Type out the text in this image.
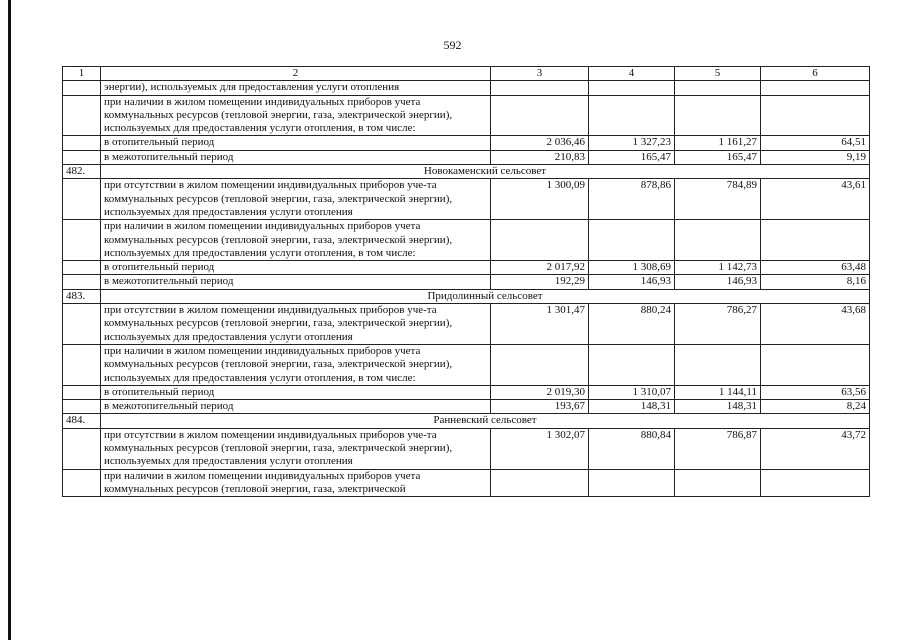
592
1	2	3	4	5	6
	энергии), используемых для предоставления услуги отопления				
	при наличии в жилом помещении индивидуальных приборов учета коммунальных ресурсов (тепловой энергии, газа, электрической энергии), используемых для предоставления услуги отопления, в том числе:				
	в отопительный период	2 036,46	1 327,23	1 161,27	64,51
	в межотопительный период	210,83	165,47	165,47	9,19
482.	Новокаменский сельсовет				
	при отсутствии в жилом помещении индивидуальных приборов уче-та коммунальных ресурсов (тепловой энергии, газа, электрической энергии), используемых для предоставления услуги отопления	1 300,09	878,86	784,89	43,61
	при наличии в жилом помещении индивидуальных приборов учета коммунальных ресурсов (тепловой энергии, газа, электрической энергии), используемых для предоставления услуги отопления, в том числе:				
	в отопительный период	2 017,92	1 308,69	1 142,73	63,48
	в межотопительный период	192,29	146,93	146,93	8,16
483.	Придолинный сельсовет				
	при отсутствии в жилом помещении индивидуальных приборов уче-та коммунальных ресурсов (тепловой энергии, газа, электрической энергии), используемых для предоставления услуги отопления	1 301,47	880,24	786,27	43,68
	при наличии в жилом помещении индивидуальных приборов учета коммунальных ресурсов (тепловой энергии, газа, электрической энергии), используемых для предоставления услуги отопления, в том числе:				
	в отопительный период	2 019,30	1 310,07	1 144,11	63,56
	в межотопительный период	193,67	148,31	148,31	8,24
484.	Ранневский сельсовет				
	при отсутствии в жилом помещении индивидуальных приборов уче-та коммунальных ресурсов (тепловой энергии, газа, электрической энергии), используемых для предоставления услуги отопления	1 302,07	880,84	786,87	43,72
	при наличии в жилом помещении индивидуальных приборов учета коммунальных ресурсов (тепловой энергии, газа, электрической				
